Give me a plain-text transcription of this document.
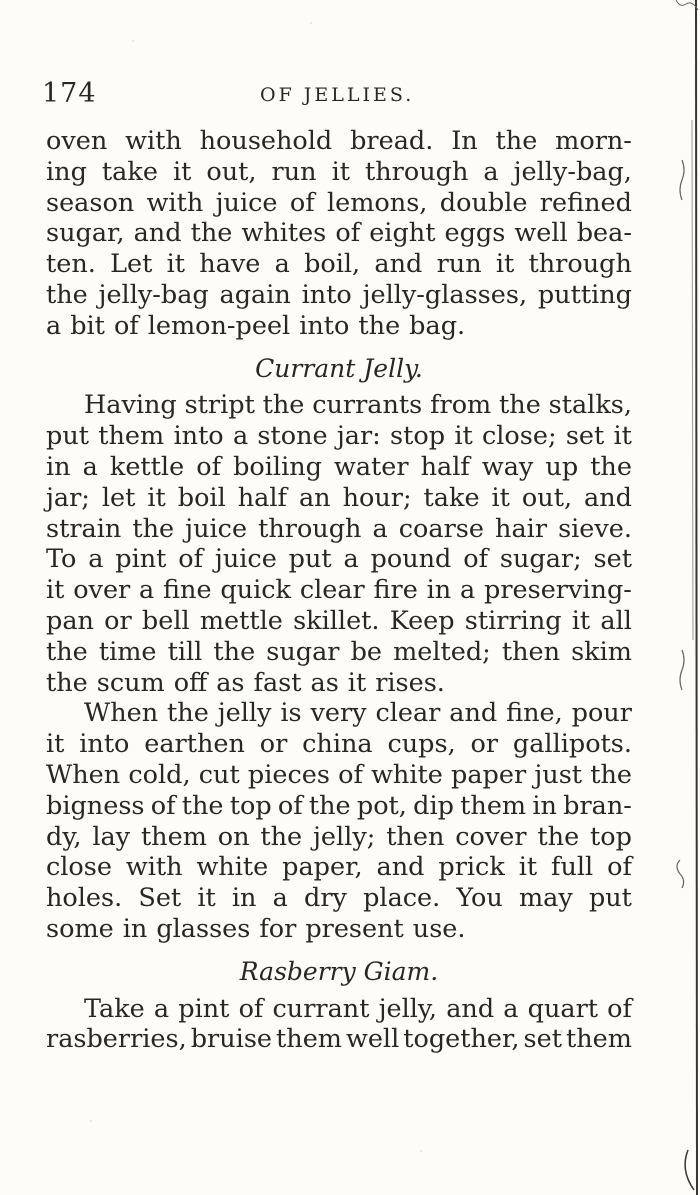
174	OF JELLIES.
oven with household bread. In the morn-
ing take it out, run it through a jelly-bag,
season with juice of lemons, double refined
sugar, and the whites of eight eggs well bea-
ten. Let it have a boil, and run it through
the jelly-bag again into jelly-glasses, putting
a bit of lemon-peel into the bag.
Currant Jelly.
Having stript the currants from the stalks,
put them into a stone jar: stop it close; set it
in a kettle of boiling water half way up the
jar; let it boil half an hour; take it out, and
strain the juice through a coarse hair sieve.
To a pint of juice put a pound of sugar; set
it over a fine quick clear fire in a preserving-
pan or bell mettle skillet. Keep stirring it all
the time till the sugar be melted; then skim
the scum off as fast as it rises.
When the jelly is very clear and fine, pour
it into earthen or china cups, or gallipots.
When cold, cut pieces of white paper just the
bigness of the top of the pot, dip them in bran-
dy, lay them on the jelly; then cover the top
close with white paper, and prick it full of
holes. Set it in a dry place. You may put
some in glasses for present use.
Rasberry Giam.
Take a pint of currant jelly, and a quart of
rasberries, bruise them well together, set them
